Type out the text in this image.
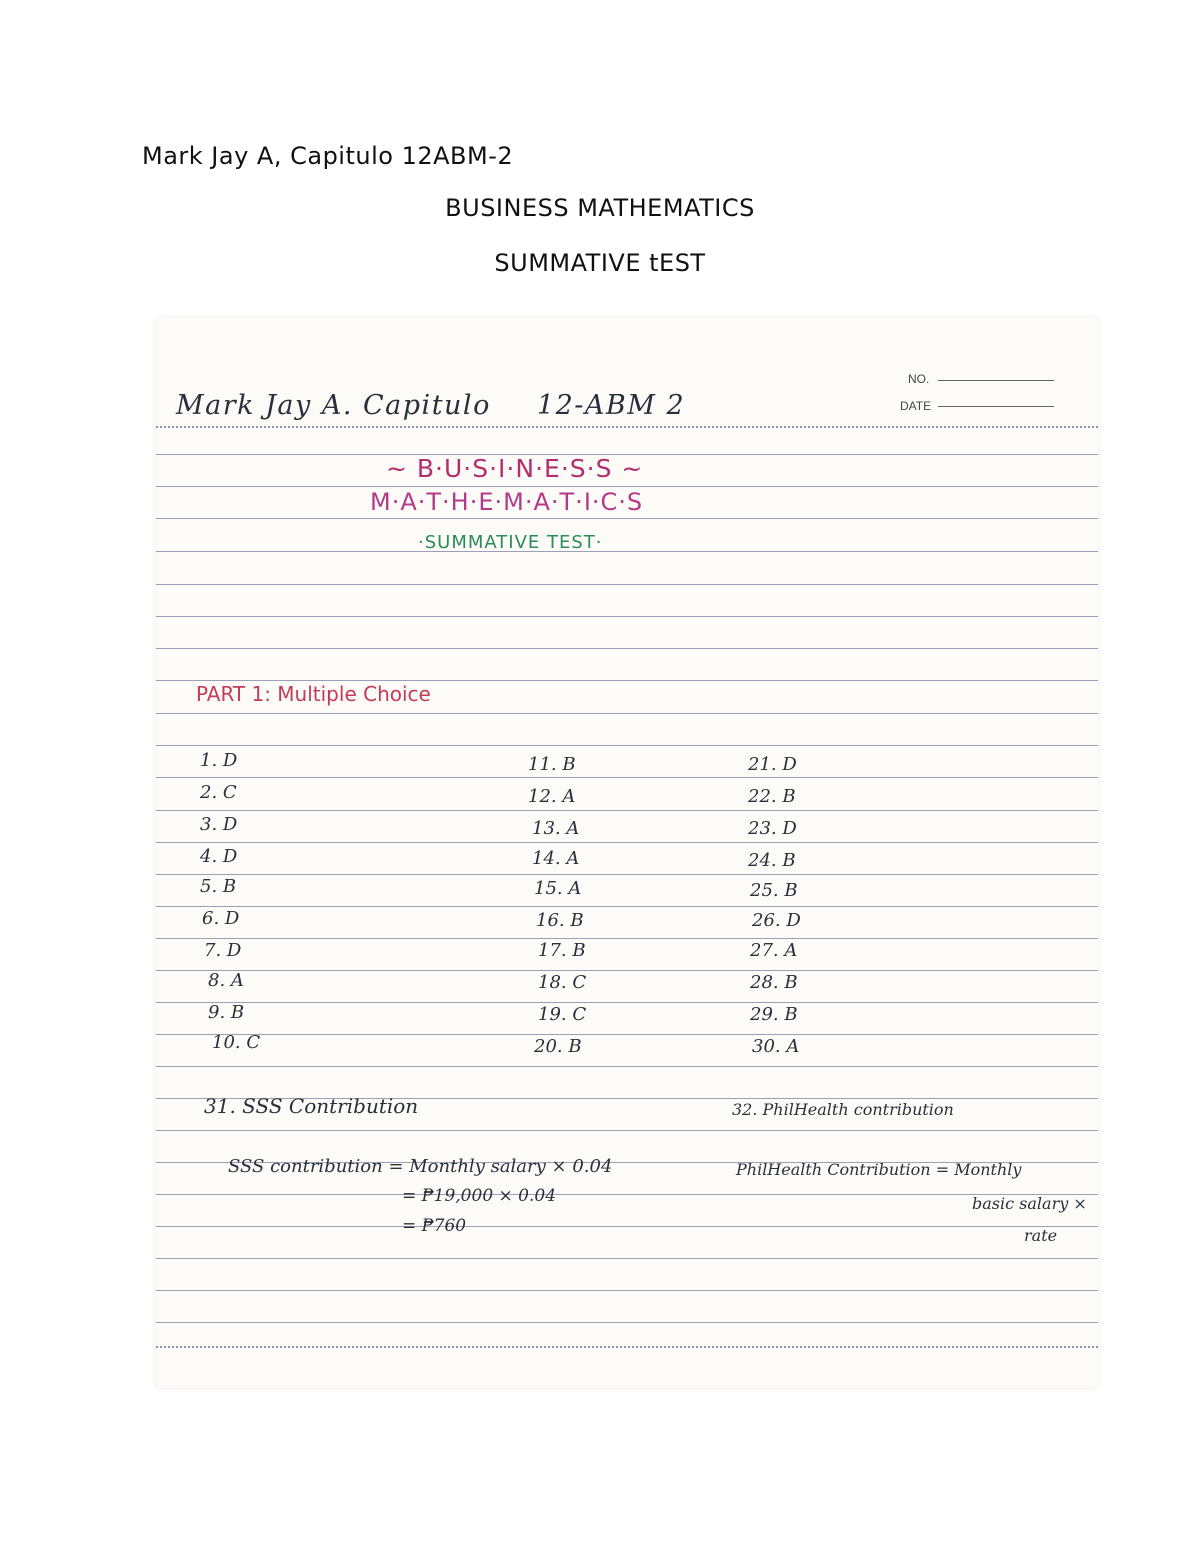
Mark Jay A, Capitulo 12ABM-2
BUSINESS MATHEMATICS
SUMMATIVE tEST
NO.
DATE
Mark Jay A. Capitulo 12-ABM 2
~ B·U·S·I·N·E·S·S ~
M·A·T·H·E·M·A·T·I·C·S
·SUMMATIVE TEST·
PART 1: Multiple Choice
1. D	11. B	21. D
2. C	12. A	22. B
3. D	13. A	23. D
4. D	14. A	24. B
5. B	15. A	25. B
6. D	16. B	26. D
7. D	17. B	27. A
8. A	18. C	28. B
9. B	19. C	29. B
10. C	20. B	30. A
31. SSS Contribution	32. PhilHealth contribution
SSS contribution = Monthly salary × 0.04
= ₱19,000 × 0.04
= ₱760
PhilHealth Contribution = Monthly
basic salary ×
rate
